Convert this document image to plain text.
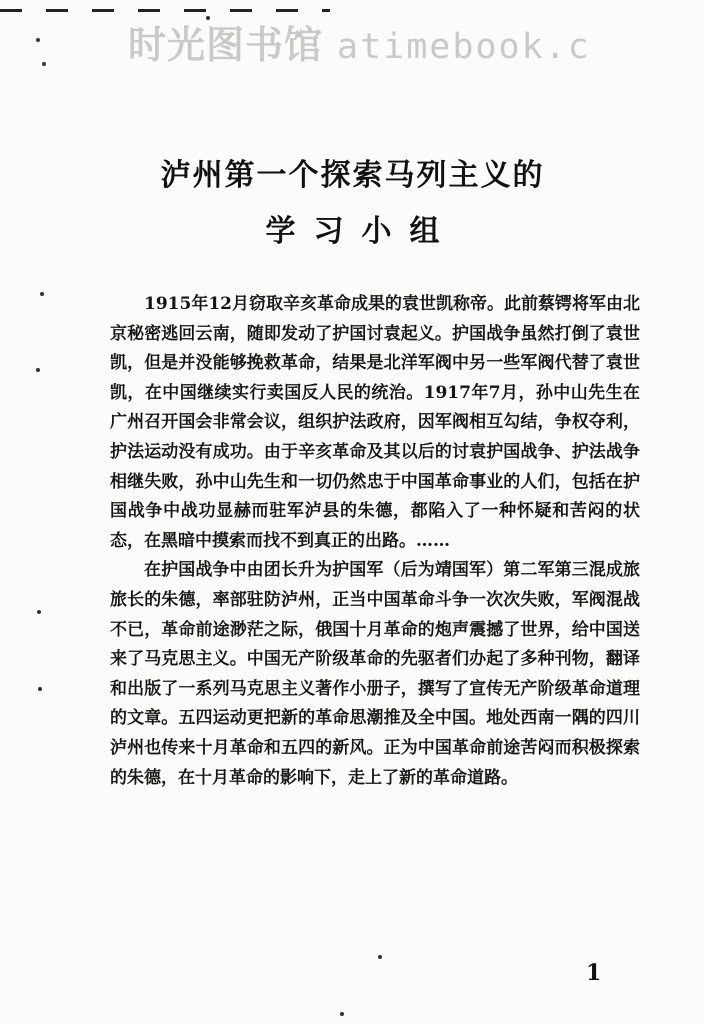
时光图书馆 atimebook.c
泸州第一个探索马列主义的
学习小组

1915年12月窃取辛亥革命成果的袁世凯称帝。此前蔡锷将军由北京秘密逃回云南，随即发动了护国讨袁起义。护国战争虽然打倒了袁世凯，但是并没能够挽救革命，结果是北洋军阀中另一些军阀代替了袁世凯，在中国继续实行卖国反人民的统治。1917年7月，孙中山先生在广州召开国会非常会议，组织护法政府，因军阀相互勾结，争权夺利，护法运动没有成功。由于辛亥革命及其以后的讨袁护国战争、护法战争相继失败，孙中山先生和一切仍然忠于中国革命事业的人们，包括在护国战争中战功显赫而驻军泸县的朱德，都陷入了一种怀疑和苦闷的状态，在黑暗中摸索而找不到真正的出路。……

在护国战争中由团长升为护国军（后为靖国军）第二军第三混成旅旅长的朱德，率部驻防泸州，正当中国革命斗争一次次失败，军阀混战不已，革命前途渺茫之际，俄国十月革命的炮声震撼了世界，给中国送来了马克思主义。中国无产阶级革命的先驱者们办起了多种刊物，翻译和出版了一系列马克思主义著作小册子，撰写了宣传无产阶级革命道理的文章。五四运动更把新的革命思潮推及全中国。地处西南一隅的四川泸州也传来十月革命和五四的新风。正为中国革命前途苦闷而积极探索的朱德，在十月革命的影响下，走上了新的革命道路。

1
